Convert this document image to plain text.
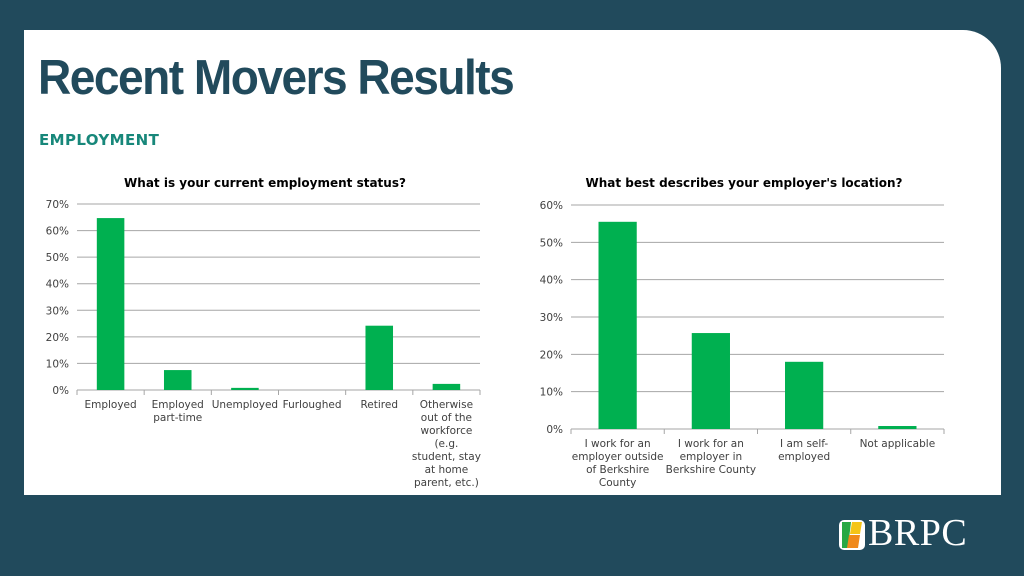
Recent Movers Results
EMPLOYMENT
What is your current employment status?	What best describes your employer's location?
0%
10%
20%
30%
40%
50%
60%
70%
Employed Employed part-time
Unemployed Furloughed Retired	Otherwise out of the workforce (e.g. student, stay at home parent, etc.)
0%
10%
20%
30%
40%
50%
60%
I work for an employer outside of Berkshire County
I work for an employer in Berkshire County
I am self-employed
Not applicable
BRPC
